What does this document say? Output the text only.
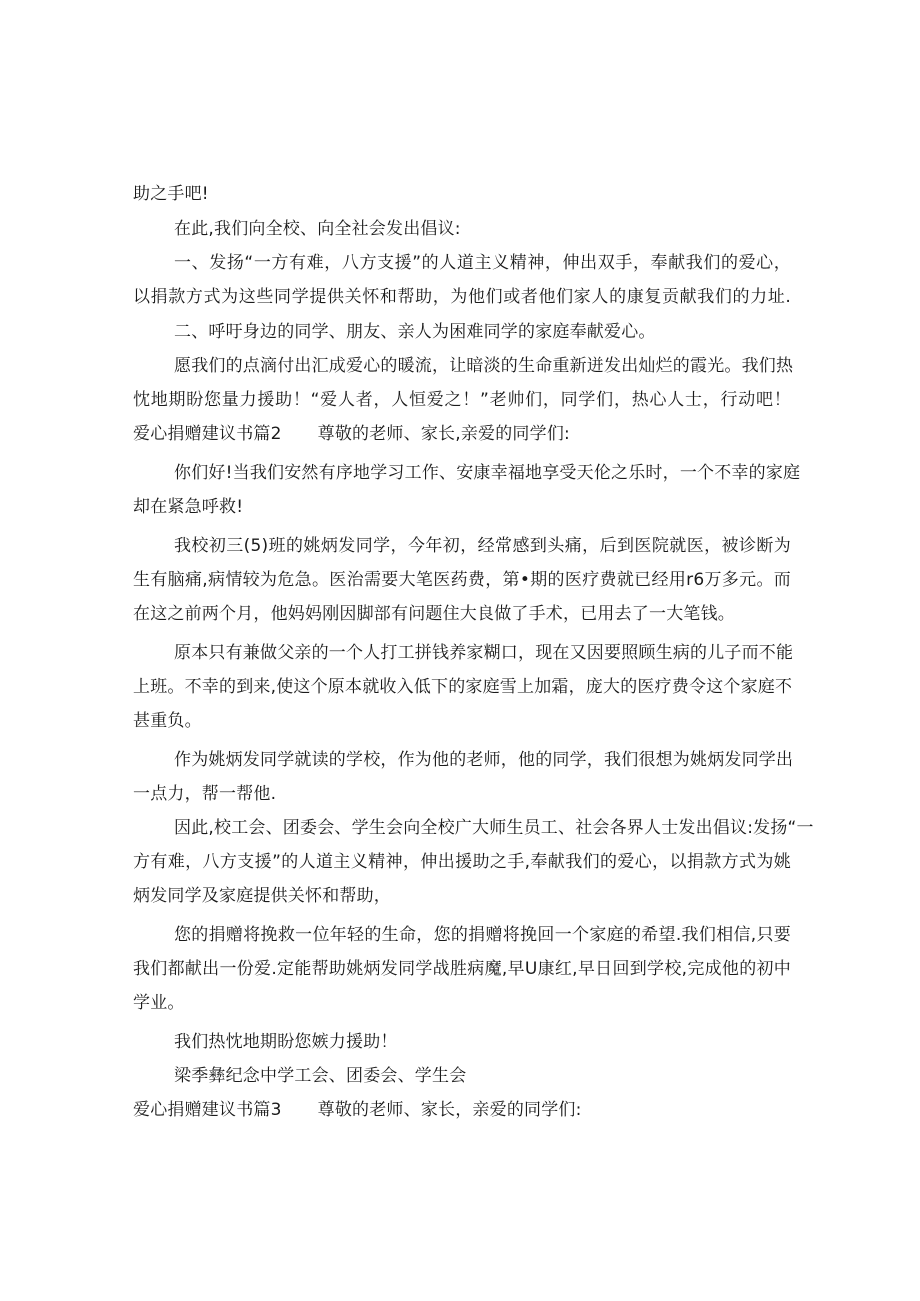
助之手吧!
在此,我们向全校、向全社会发出倡议:
一、发扬“一方有难，八方支援”的人道主义精神，伸出双手，奉献我们的爱心，
以捐款方式为这些同学提供关怀和帮助，为他们或者他们家人的康复贡献我们的力址.
二、呼吁身边的同学、朋友、亲人为困难同学的家庭奉献爱心。
愿我们的点滴付出汇成爱心的暖流，让暗淡的生命重新迸发出灿烂的霞光。我们热
忱地期盼您量力援助！“爱人者，人恒爱之！”老帅们，同学们，热心人士，行动吧！
爱心捐赠建议书篇2 尊敬的老师、家长,亲爱的同学们:
你们好!当我们安然有序地学习工作、安康幸福地享受天伦之乐时，一个不幸的家庭
却在紧急呼救!
我校初三(5)班的姚炳发同学，今年初，经常感到头痛，后到医院就医，被诊断为
生有脑痛,病情较为危急。医治需要大笔医药费，第•期的医疗费就已经用r6万多元。而
在这之前两个月，他妈妈刚因脚部有问题住大良做了手术，已用去了一大笔钱。
原本只有兼做父亲的一个人打工拼钱养家糊口，现在又因要照顾生病的儿子而不能
上班。不幸的到来,使这个原本就收入低下的家庭雪上加霜，庞大的医疗费令这个家庭不
甚重负。
作为姚炳发同学就读的学校，作为他的老师，他的同学，我们很想为姚炳发同学出
一点力，帮一帮他.
因此,校工会、团委会、学生会向全校广大师生员工、社会各界人士发出倡议:发扬“一
方有难，八方支援”的人道主义精神，伸出援助之手,奉献我们的爱心，以捐款方式为姚
炳发同学及家庭提供关怀和帮助，
您的捐赠将挽救一位年轻的生命，您的捐赠将挽回一个家庭的希望.我们相信,只要
我们都献出一份爱.定能帮助姚炳发同学战胜病魔,早U康红,早日回到学校,完成他的初中
学业。
我们热忱地期盼您嫉力援助！
梁季彝纪念中学工会、团委会、学生会
爱心捐赠建议书篇3 尊敬的老师、家长，亲爱的同学们:
